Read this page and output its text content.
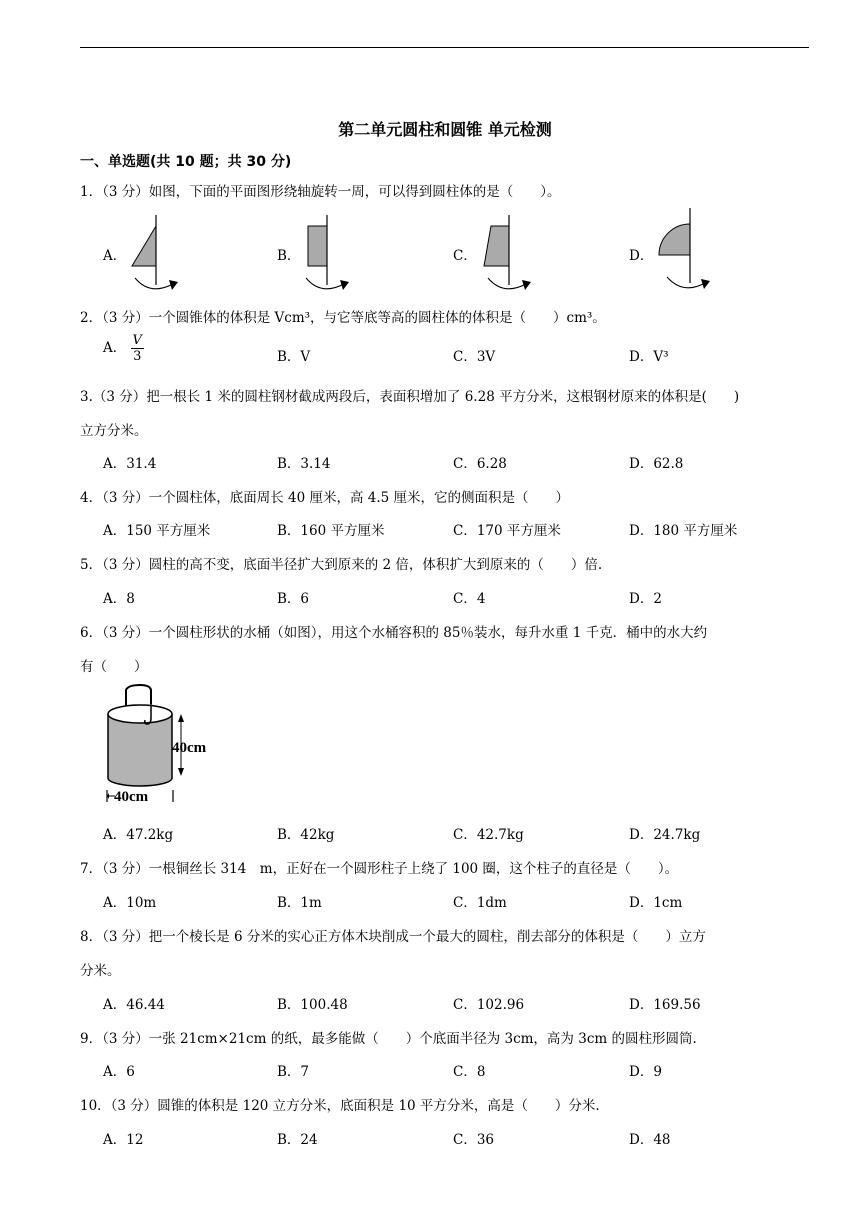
第二单元圆柱和圆锥 单元检测
一、单选题(共 10 题；共 30 分)
1．（3 分）如图，下面的平面图形绕轴旋转一周，可以得到圆柱体的是（　　）。
A．	B．	C．	D．
2．（3 分）一个圆锥体的体积是 Vcm³，与它等底等高的圆柱体的体积是（　　）cm³。
A． $\frac{V}{3}$	B．V	C．3V	D．V³
3.（3 分）把一根长 1 米的圆柱钢材截成两段后，表面积增加了 6.28 平方分米，这根钢材原来的体积是(　　)
立方分米。
A．31.4	B．3.14	C．6.28	D．62.8
4．（3 分）一个圆柱体，底面周长 40 厘米，高 4.5 厘米，它的侧面积是（　　）
A．150 平方厘米	B．160 平方厘米	C．170 平方厘米	D．180 平方厘米
5．（3 分）圆柱的高不变，底面半径扩大到原来的 2 倍，体积扩大到原来的（　　）倍.
A．8	B．6	C．4	D．2
6．（3 分）一个圆柱形状的水桶（如图），用这个水桶容积的 85％装水，每升水重 1 千克．桶中的水大约
有（　　）
40cm
40cm
A．47.2kg	B．42kg	C．42.7kg	D．24.7kg
7．（3 分）一根铜丝长 314　m，正好在一个圆形柱子上绕了 100 圈，这个柱子的直径是（　　）。
A．10m	B．1m	C．1dm	D．1cm
8．（3 分）把一个棱长是 6 分米的实心正方体木块削成一个最大的圆柱，削去部分的体积是（　　）立方
分米。
A．46.44	B．100.48	C．102.96	D．169.56
9．（3 分）一张 21cm×21cm 的纸，最多能做（　　）个底面半径为 3cm，高为 3cm 的圆柱形圆筒.
A．6	B．7	C．8	D．9
10．（3 分）圆锥的体积是 120 立方分米，底面积是 10 平方分米，高是（　　）分米.
A．12	B．24	C．36	D．48
